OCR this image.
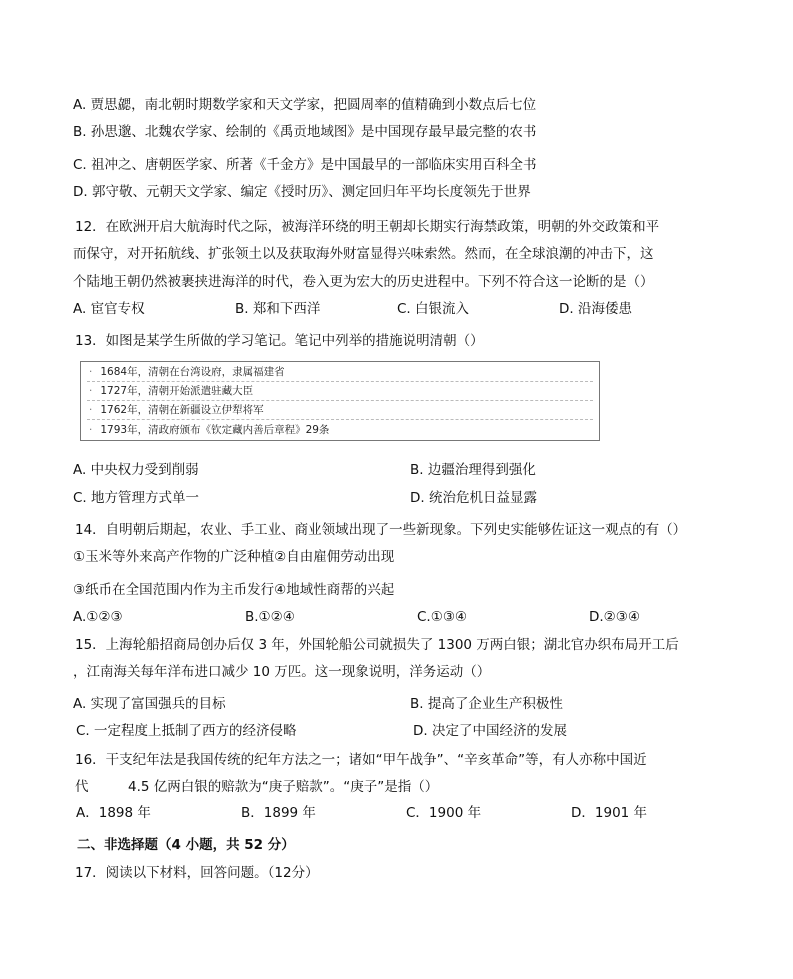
A. 贾思勰，南北朝时期数学家和天文学家，把圆周率的值精确到小数点后七位
B. 孙思邈、北魏农学家、绘制的《禹贡地域图》是中国现存最早最完整的农书
C. 祖冲之、唐朝医学家、所著《千金方》是中国最早的一部临床实用百科全书
D. 郭守敬、元朝天文学家、编定《授时历》、测定回归年平均长度领先于世界
12．在欧洲开启大航海时代之际，被海洋环绕的明王朝却长期实行海禁政策，明朝的外交政策和平
而保守，对开拓航线、扩张领土以及获取海外财富显得兴味索然。然而，在全球浪潮的冲击下，这
个陆地王朝仍然被裹挟进海洋的时代，卷入更为宏大的历史进程中。下列不符合这一论断的是（）
A. 宦官专权	B. 郑和下西洋	C. 白银流入	D. 沿海倭患
13．如图是某学生所做的学习笔记。笔记中列举的措施说明清朝（）
· 1684年，清朝在台湾设府，隶属福建省
· 1727年，清朝开始派遣驻藏大臣
· 1762年，清朝在新疆设立伊犁将军
· 1793年，清政府颁布《钦定藏内善后章程》29条
A. 中央权力受到削弱	B. 边疆治理得到强化
C. 地方管理方式单一	D. 统治危机日益显露
14．自明朝后期起，农业、手工业、商业领域出现了一些新现象。下列史实能够佐证这一观点的有（）
①玉米等外来高产作物的广泛种植②自由雇佣劳动出现
③纸币在全国范围内作为主币发行④地域性商帮的兴起
A.①②③	B.①②④	C.①③④	D.②③④
15．上海轮船招商局创办后仅 3 年，外国轮船公司就损失了 1300 万两白银；湖北官办织布局开工后
，江南海关每年洋布进口减少 10 万匹。这一现象说明，洋务运动（）
A. 实现了富国强兵的目标	B. 提高了企业生产积极性
C. 一定程度上抵制了西方的经济侵略	D. 决定了中国经济的发展
16．干支纪年法是我国传统的纪年方法之一；诸如“甲午战争”、“辛亥革命”等，有人亦称中国近
代	4.5 亿两白银的赔款为“庚子赔款”。“庚子”是指（）
A．1898 年	B．1899 年	C．1900 年	D．1901 年
二、非选择题（4 小题，共 52 分）
17．阅读以下材料，回答问题。（12分）
